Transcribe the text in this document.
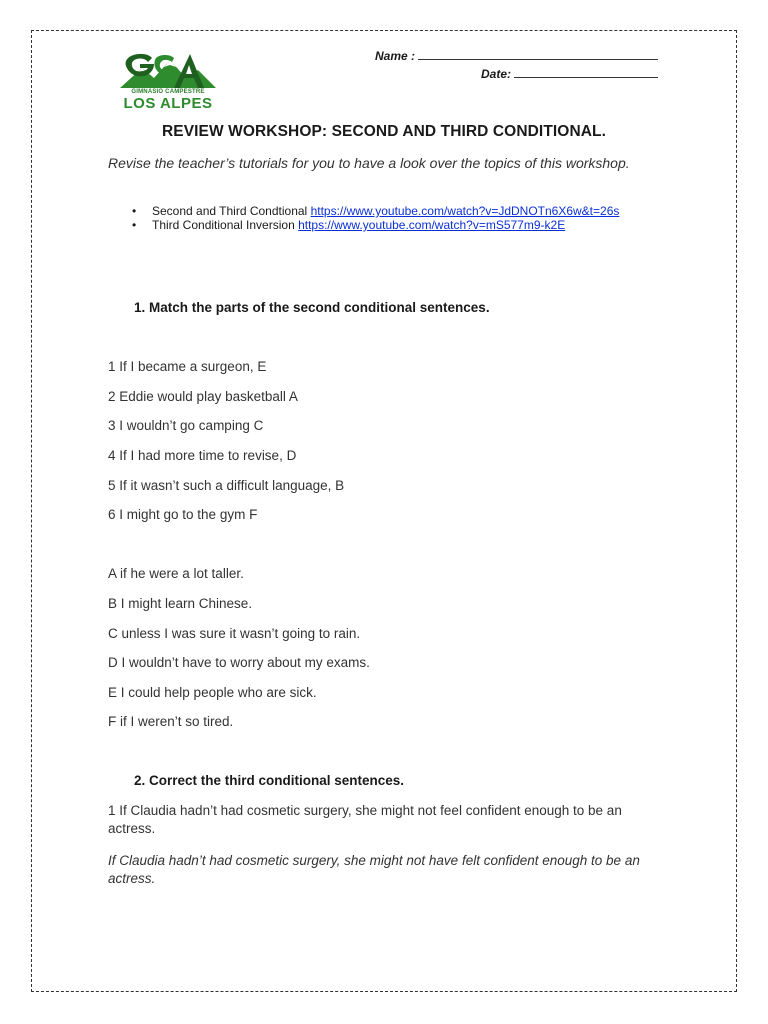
GIMNASIO CAMPESTRE
LOS ALPES
Name :
Date:
REVIEW WORKSHOP: SECOND AND THIRD CONDITIONAL.
Revise the teacher’s tutorials for you to have a look over the topics of this workshop.
• Second and Third Condtional https://www.youtube.com/watch?v=JdDNOTn6X6w&t=26s
• Third Conditional Inversion https://www.youtube.com/watch?v=mS577m9-k2E
1. Match the parts of the second conditional sentences.
1 If I became a surgeon, E
2 Eddie would play basketball A
3 I wouldn’t go camping C
4 If I had more time to revise, D
5 If it wasn’t such a difficult language, B
6 I might go to the gym F
A if he were a lot taller.
B I might learn Chinese.
C unless I was sure it wasn’t going to rain.
D I wouldn’t have to worry about my exams.
E I could help people who are sick.
F if I weren’t so tired.
2. Correct the third conditional sentences.
1 If Claudia hadn’t had cosmetic surgery, she might not feel confident enough to be an actress.
If Claudia hadn’t had cosmetic surgery, she might not have felt confident enough to be an actress.
